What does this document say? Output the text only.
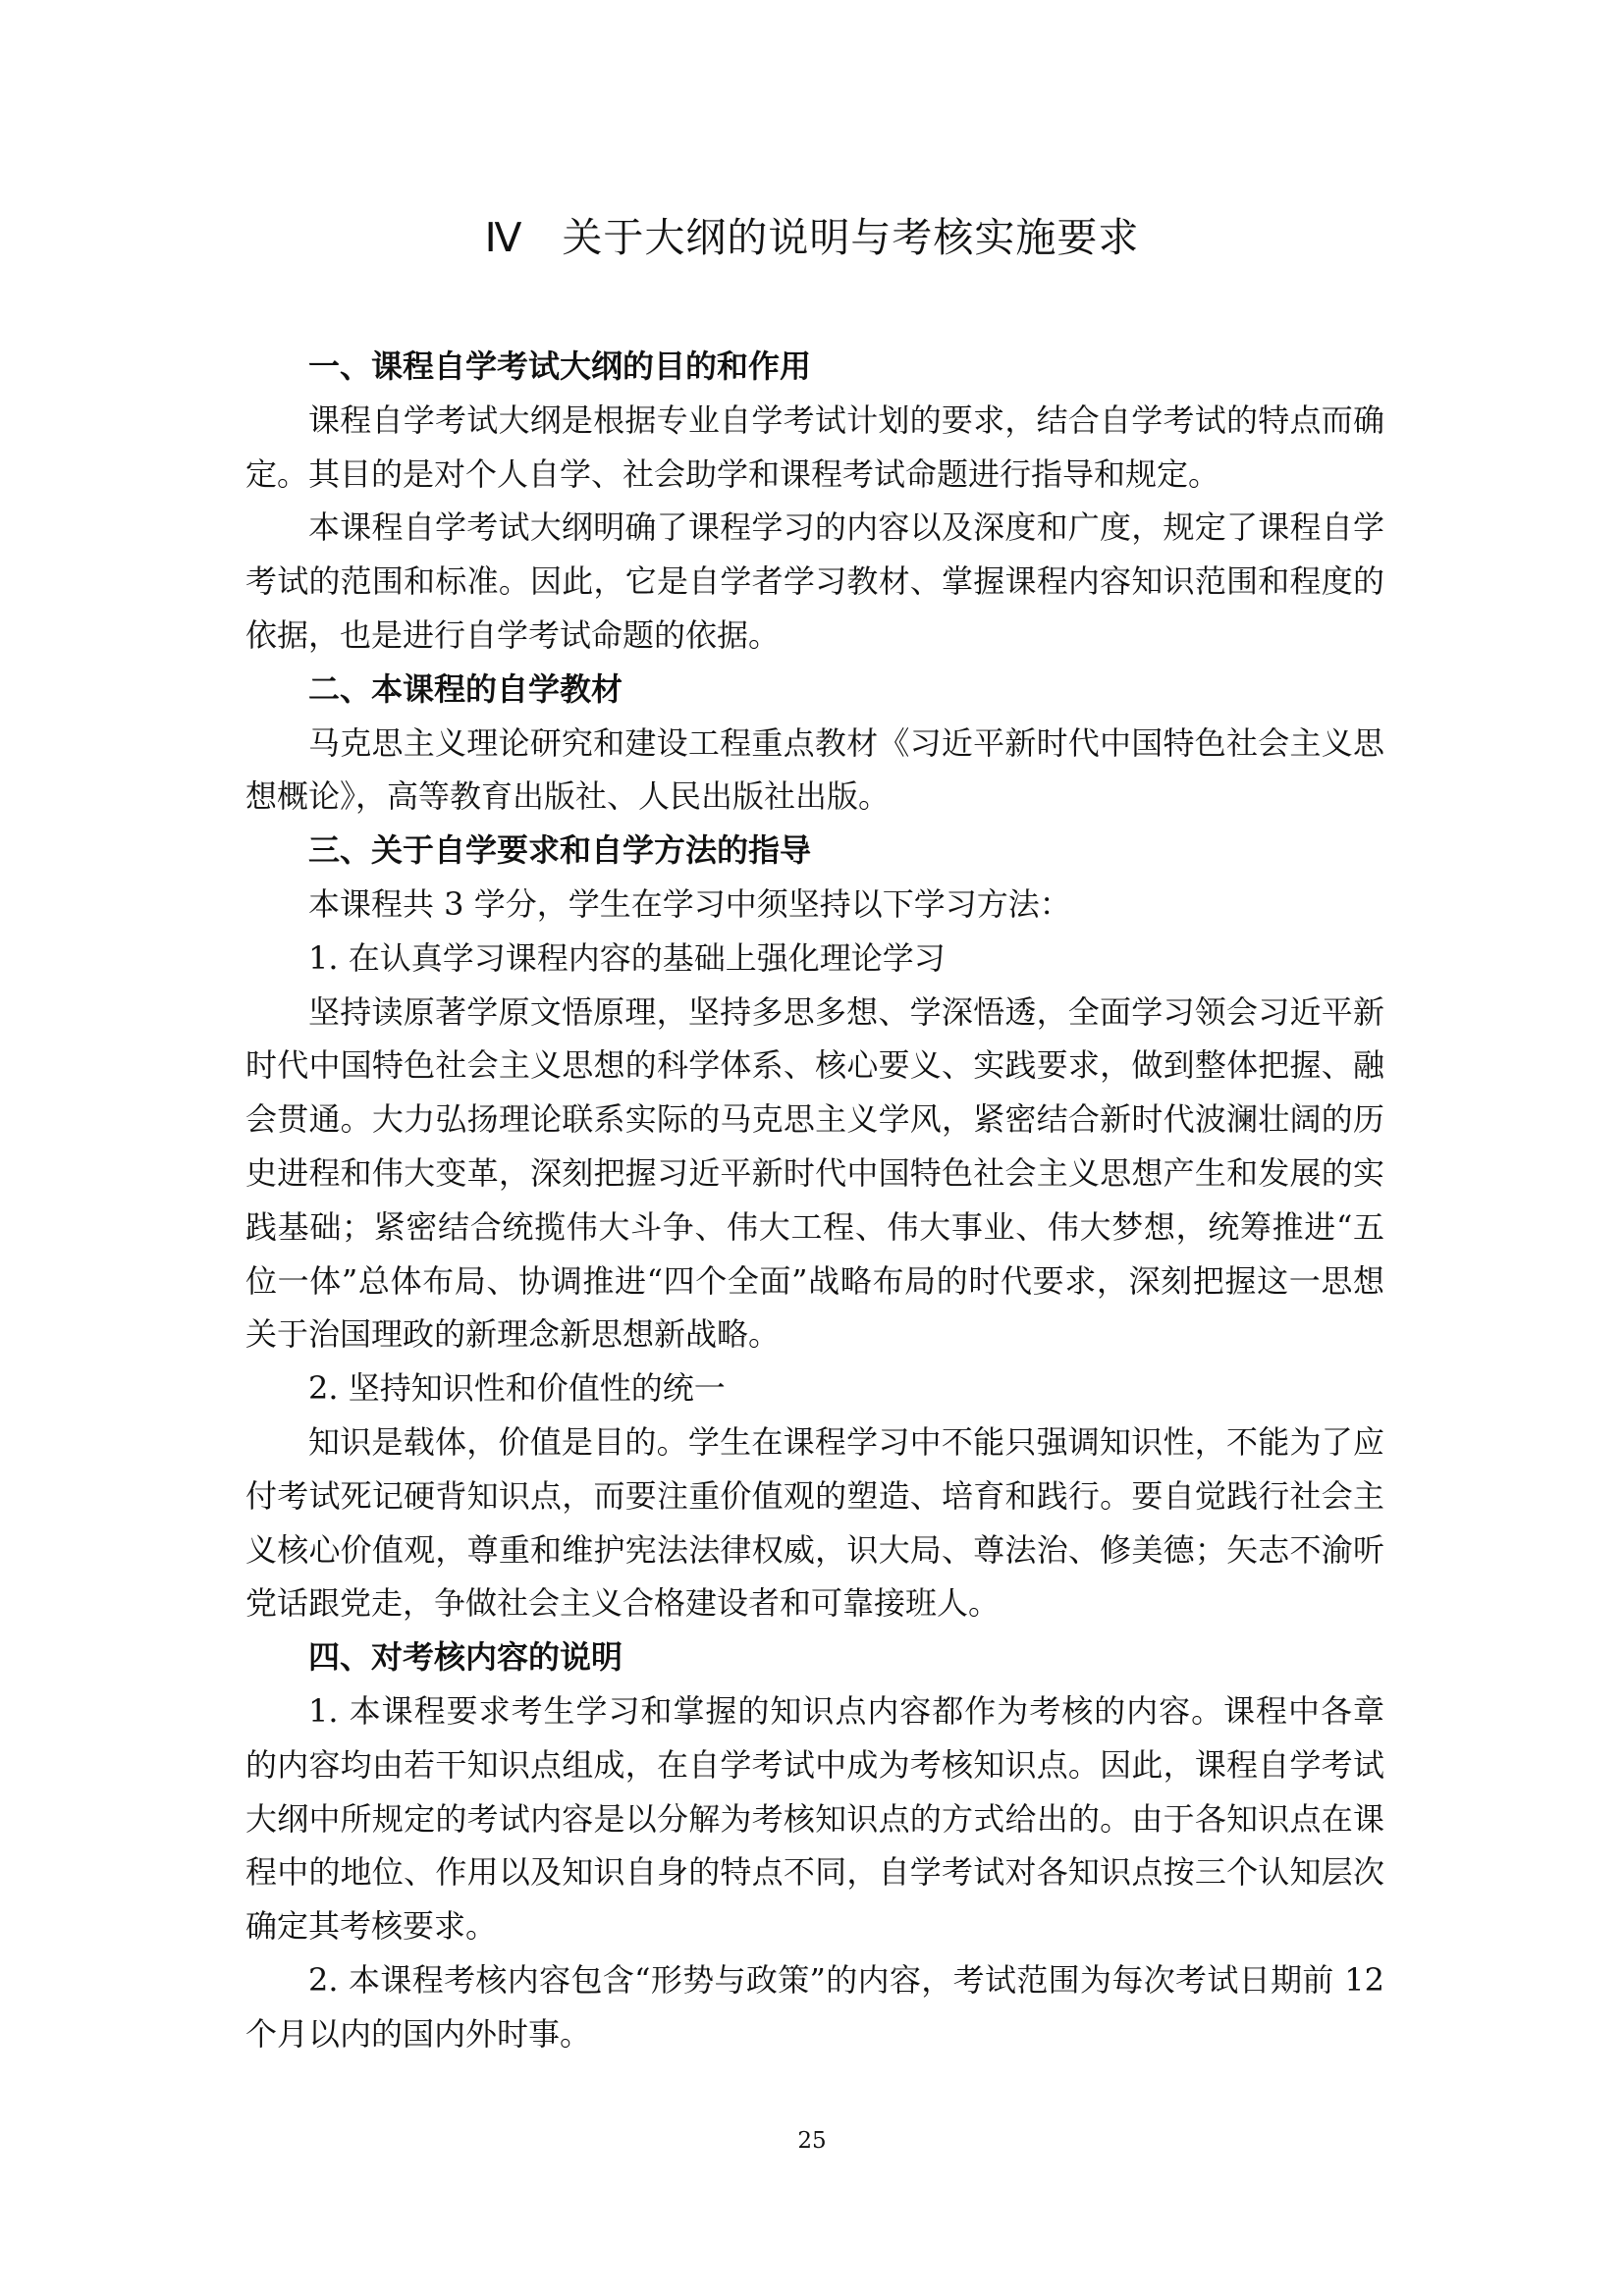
Ⅳ 关于大纲的说明与考核实施要求

一、课程自学考试大纲的目的和作用

课程自学考试大纲是根据专业自学考试计划的要求，结合自学考试的特点而确定。其目的是对个人自学、社会助学和课程考试命题进行指导和规定。

本课程自学考试大纲明确了课程学习的内容以及深度和广度，规定了课程自学考试的范围和标准。因此，它是自学者学习教材、掌握课程内容知识范围和程度的依据，也是进行自学考试命题的依据。

二、本课程的自学教材

马克思主义理论研究和建设工程重点教材《习近平新时代中国特色社会主义思想概论》，高等教育出版社、人民出版社出版。

三、关于自学要求和自学方法的指导

本课程共 3 学分，学生在学习中须坚持以下学习方法：

1. 在认真学习课程内容的基础上强化理论学习

坚持读原著学原文悟原理，坚持多思多想、学深悟透，全面学习领会习近平新时代中国特色社会主义思想的科学体系、核心要义、实践要求，做到整体把握、融会贯通。大力弘扬理论联系实际的马克思主义学风，紧密结合新时代波澜壮阔的历史进程和伟大变革，深刻把握习近平新时代中国特色社会主义思想产生和发展的实践基础；紧密结合统揽伟大斗争、伟大工程、伟大事业、伟大梦想，统筹推进“五位一体”总体布局、协调推进“四个全面”战略布局的时代要求，深刻把握这一思想关于治国理政的新理念新思想新战略。

2. 坚持知识性和价值性的统一

知识是载体，价值是目的。学生在课程学习中不能只强调知识性，不能为了应付考试死记硬背知识点，而要注重价值观的塑造、培育和践行。要自觉践行社会主义核心价值观，尊重和维护宪法法律权威，识大局、尊法治、修美德；矢志不渝听党话跟党走，争做社会主义合格建设者和可靠接班人。

四、对考核内容的说明

1. 本课程要求考生学习和掌握的知识点内容都作为考核的内容。课程中各章的内容均由若干知识点组成，在自学考试中成为考核知识点。因此，课程自学考试大纲中所规定的考试内容是以分解为考核知识点的方式给出的。由于各知识点在课程中的地位、作用以及知识自身的特点不同，自学考试对各知识点按三个认知层次确定其考核要求。

2. 本课程考核内容包含“形势与政策”的内容，考试范围为每次考试日期前 12 个月以内的国内外时事。

25
